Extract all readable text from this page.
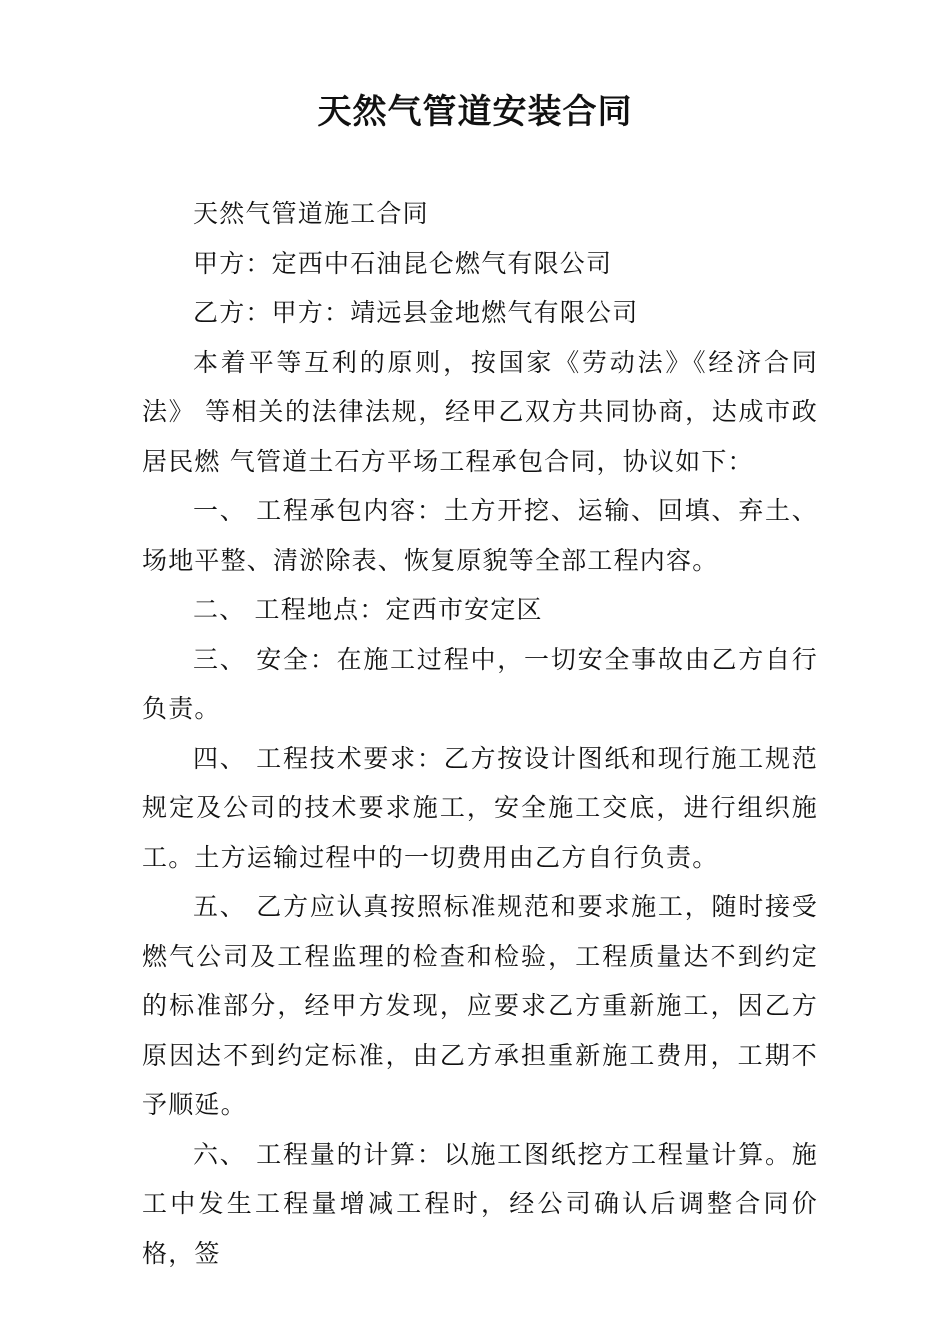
天然气管道安装合同

天然气管道施工合同

甲方：定西中石油昆仑燃气有限公司

乙方：甲方：靖远县金地燃气有限公司

本着平等互利的原则，按国家《劳动法》《经济合同法》 等相关的法律法规，经甲乙双方共同协商，达成市政居民燃 气管道土石方平场工程承包合同，协议如下：

一、 工程承包内容：土方开挖、运输、回填、弃土、场地平整、清淤除表、恢复原貌等全部工程内容。

二、 工程地点：定西市安定区

三、 安全：在施工过程中，一切安全事故由乙方自行负责。

四、 工程技术要求：乙方按设计图纸和现行施工规范规定及公司的技术要求施工，安全施工交底，进行组织施工。土方运输过程中的一切费用由乙方自行负责。

五、 乙方应认真按照标准规范和要求施工，随时接受燃气公司及工程监理的检查和检验，工程质量达不到约定的标准部分，经甲方发现，应要求乙方重新施工，因乙方原因达不到约定标准，由乙方承担重新施工费用，工期不予顺延。

六、 工程量的计算：以施工图纸挖方工程量计算。施工中发生工程量增减工程时，经公司确认后调整合同价格，签
